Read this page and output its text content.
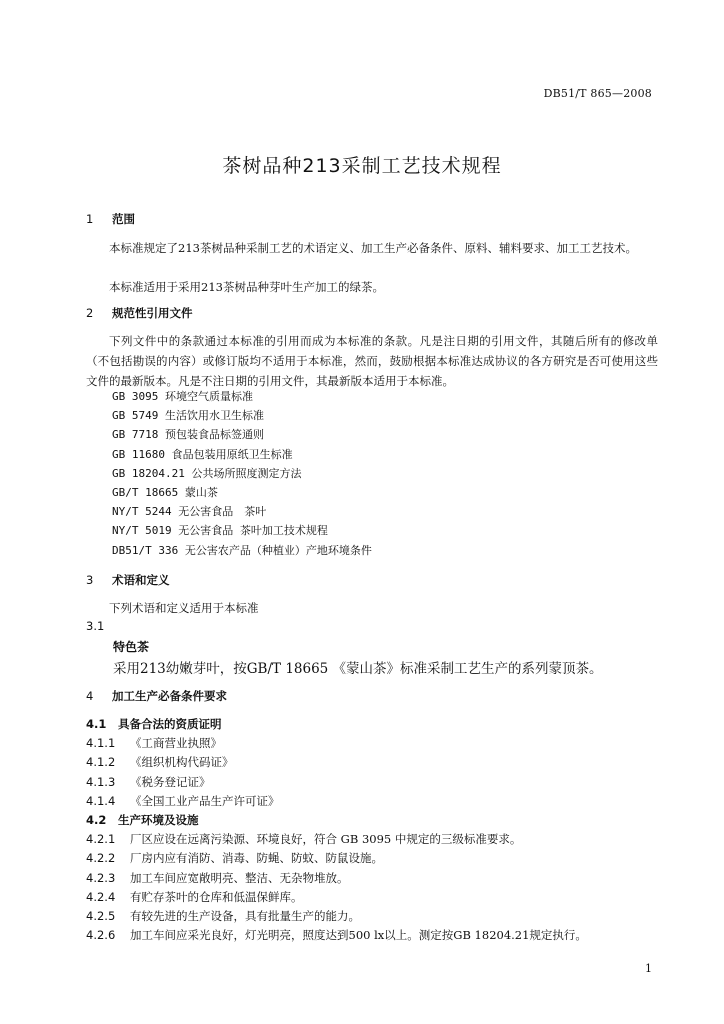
DB51/T 865—2008
茶树品种213采制工艺技术规程
1 范围
本标准规定了213茶树品种采制工艺的术语定义、加工生产必备条件、原料、辅料要求、加工工艺技术。
本标准适用于采用213茶树品种芽叶生产加工的绿茶。
2 规范性引用文件
下列文件中的条款通过本标准的引用而成为本标准的条款。凡是注日期的引用文件，其随后所有的修改单（不包括勘误的内容）或修订版均不适用于本标准，然而，鼓励根据本标准达成协议的各方研究是否可使用这些文件的最新版本。凡是不注日期的引用文件，其最新版本适用于本标准。
GB 3095 环境空气质量标准
GB 5749 生活饮用水卫生标准
GB 7718 预包装食品标签通则
GB 11680 食品包装用原纸卫生标准
GB 18204.21 公共场所照度测定方法
GB/T 18665 蒙山茶
NY/T 5244 无公害食品　茶叶
NY/T 5019 无公害食品 茶叶加工技术规程
DB51/T 336 无公害农产品（种植业）产地环境条件
3 术语和定义
下列术语和定义适用于本标准
3.1
特色茶
采用213幼嫩芽叶，按GB/T 18665 《蒙山茶》标准采制工艺生产的系列蒙顶茶。
4 加工生产必备条件要求
4.1 具备合法的资质证明
4.1.1 《工商营业执照》
4.1.2 《组织机构代码证》
4.1.3 《税务登记证》
4.1.4 《全国工业产品生产许可证》
4.2 生产环境及设施
4.2.1 厂区应设在远离污染源、环境良好，符合 GB 3095 中规定的三级标准要求。
4.2.2 厂房内应有消防、消毒、防蝇、防蚊、防鼠设施。
4.2.3 加工车间应宽敞明亮、整洁、无杂物堆放。
4.2.4 有贮存茶叶的仓库和低温保鲜库。
4.2.5 有较先进的生产设备，具有批量生产的能力。
4.2.6 加工车间应采光良好，灯光明亮，照度达到500 lx以上。测定按GB 18204.21规定执行。
1
